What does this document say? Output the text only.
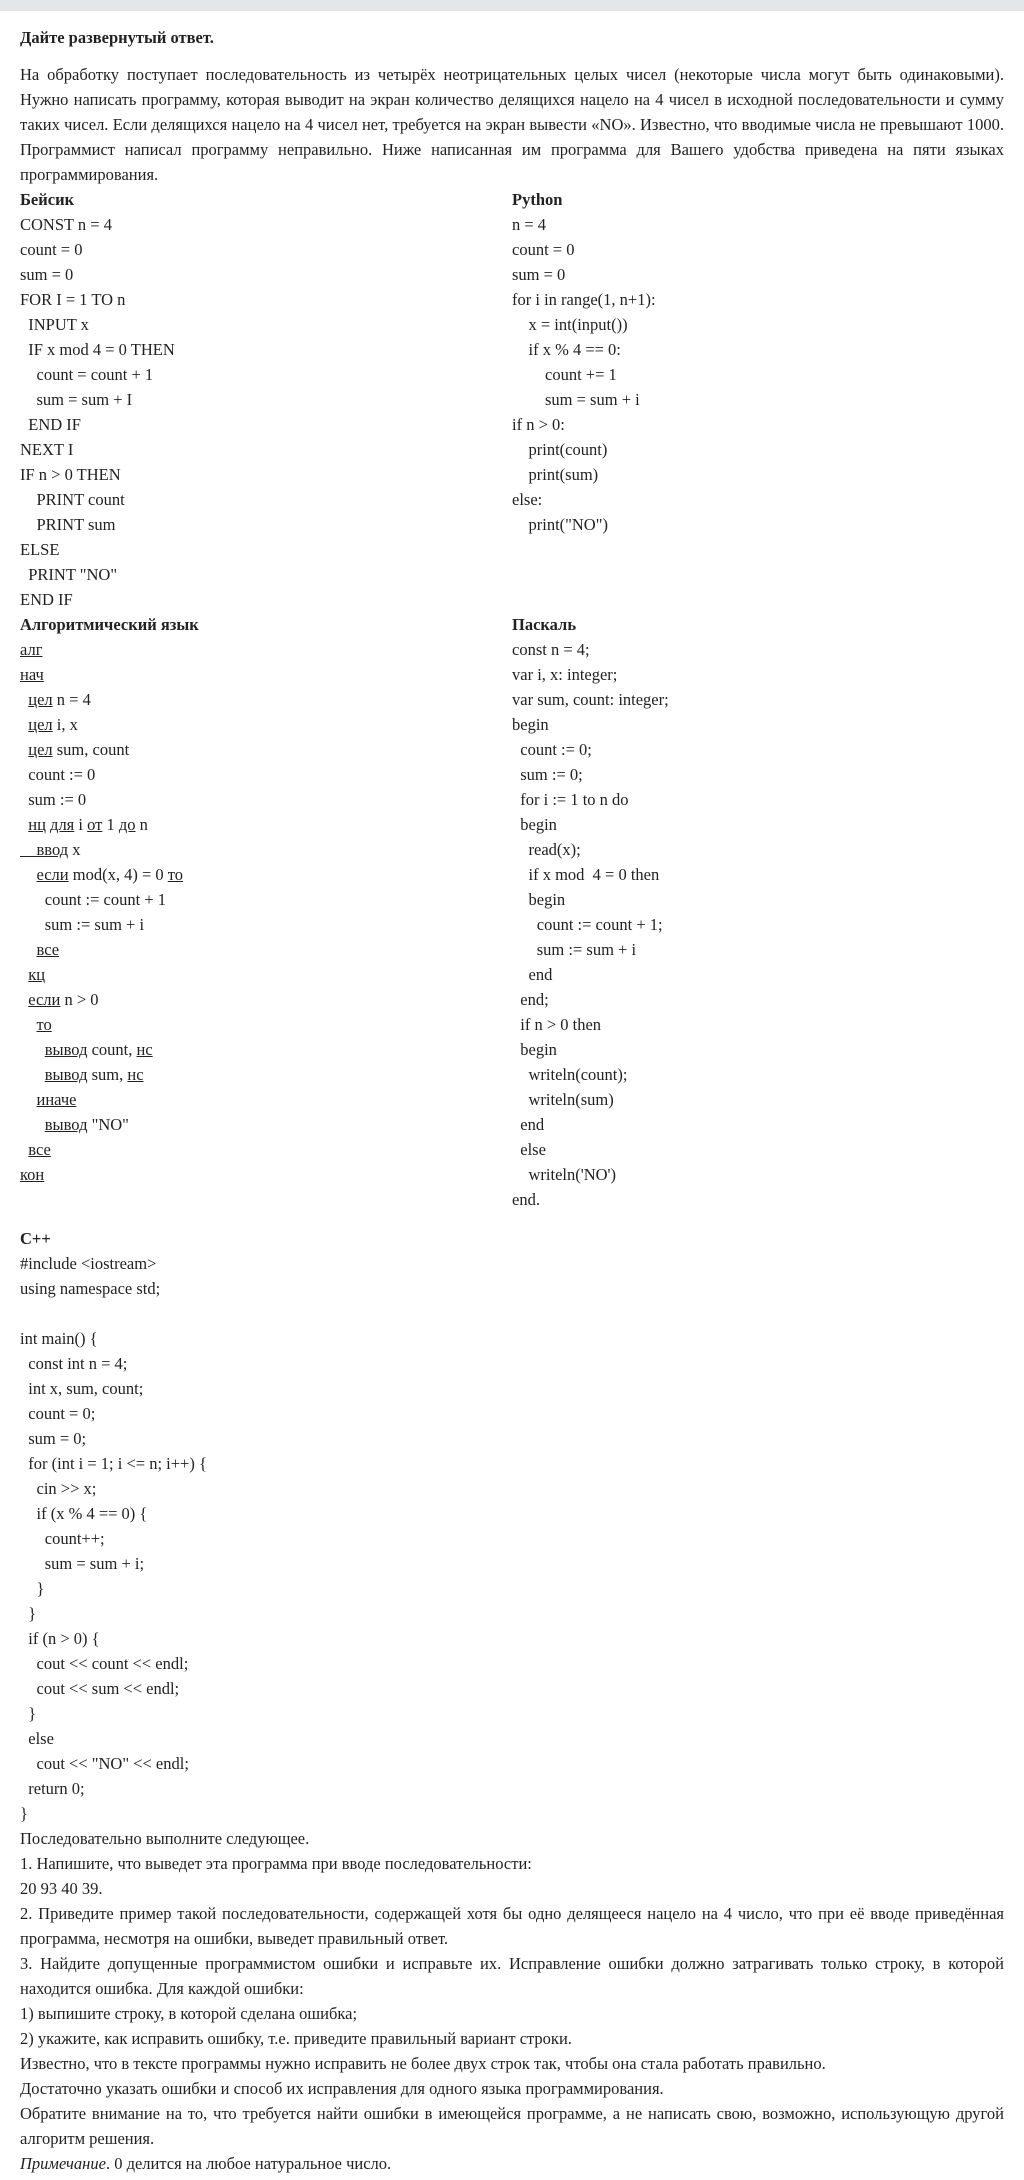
Дайте развернутый ответ.
На обработку поступает последовательность из четырёх неотрицательных целых чисел (некоторые числа могут быть одинаковыми). Нужно написать программу, которая выводит на экран количество делящихся нацело на 4 чисел в исходной последовательности и сумму таких чисел. Если делящихся нацело на 4 чисел нет, требуется на экран вывести «NO». Известно, что вводимые числа не превышают 1000. Программист написал программу неправильно. Ниже написанная им программа для Вашего удобства приведена на пяти языках программирования.
Бейсик
CONST n = 4
count = 0
sum = 0
FOR I = 1 TO n
INPUT x
IF x mod 4 = 0 THEN
count = count + 1
sum = sum + I
END IF
NEXT I
IF n > 0 THEN
PRINT count
PRINT sum
ELSE
PRINT "NO"
END IF
Python
n = 4
count = 0
sum = 0
for i in range(1, n+1):
x = int(input())
if x % 4 == 0:
count += 1
sum = sum + i
if n > 0:
print(count)
print(sum)
else:
print("NO")
Алгоритмический язык
алг
нач
цел n = 4
цел i, x
цел sum, count
count := 0
sum := 0
нц для i от 1 до n
ввод x
если mod(x, 4) = 0 то
count := count + 1
sum := sum + i
все
кц
если n > 0
то
вывод count, нс
вывод sum, нс
иначе
вывод "NO"
все
кон
Паскаль
const n = 4;
var i, x: integer;
var sum, count: integer;
begin
count := 0;
sum := 0;
for i := 1 to n do
begin
read(x);
if x mod  4 = 0 then
begin
count := count + 1;
sum := sum + i
end
end;
if n > 0 then
begin
writeln(count);
writeln(sum)
end
else
writeln('NO')
end.
C++
#include <iostream>
using namespace std;
int main() {
const int n = 4;
int x, sum, count;
count = 0;
sum = 0;
for (int i = 1; i <= n; i++) {
cin >> x;
if (x % 4 == 0) {
count++;
sum = sum + i;
}
}
if (n > 0) {
cout << count << endl;
cout << sum << endl;
}
else
cout << "NO" << endl;
return 0;
}
Последовательно выполните следующее.
1. Напишите, что выведет эта программа при вводе последовательности:
20 93 40 39.
2. Приведите пример такой последовательности, содержащей хотя бы одно делящееся нацело на 4 число, что при её вводе приведённая программа, несмотря на ошибки, выведет правильный ответ.
3. Найдите допущенные программистом ошибки и исправьте их. Исправление ошибки должно затрагивать только строку, в которой находится ошибка. Для каждой ошибки:
1) выпишите строку, в которой сделана ошибка;
2) укажите, как исправить ошибку, т.е. приведите правильный вариант строки.
Известно, что в тексте программы нужно исправить не более двух строк так, чтобы она стала работать правильно.
Достаточно указать ошибки и способ их исправления для одного языка программирования.
Обратите внимание на то, что требуется найти ошибки в имеющейся программе, а не написать свою, возможно, использующую другой алгоритм решения.
Примечание. 0 делится на любое натуральное число.
